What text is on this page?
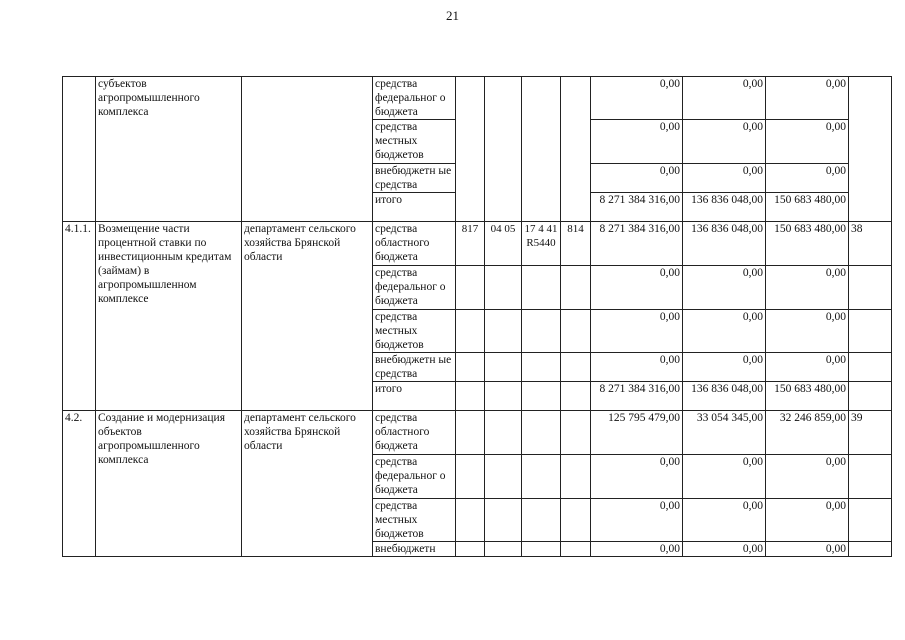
21
	субъектов агропромышленного комплекса		средства федеральног о бюджета					0,00	0,00	0,00	
			средства местных бюджетов					0,00	0,00	0,00	
			внебюджетн ые средства					0,00	0,00	0,00	
			итого					8 271 384 316,00	136 836 048,00	150 683 480,00	
4.1.1.	Возмещение части процентной ставки по инвестиционным кредитам (займам) в агропромышленном комплексе	департамент сельского хозяйства Брянской области	средства областного бюджета	817	04 05	17 4 41 R5440	814	8 271 384 316,00	136 836 048,00	150 683 480,00	38
			средства федеральног о бюджета					0,00	0,00	0,00	
			средства местных бюджетов					0,00	0,00	0,00	
			внебюджетн ые средства					0,00	0,00	0,00	
			итого					8 271 384 316,00	136 836 048,00	150 683 480,00	
4.2.	Создание и модернизация объектов агропромышленного комплекса	департамент сельского хозяйства Брянской области	средства областного бюджета					125 795 479,00	33 054 345,00	32 246 859,00	39
			средства федеральног о бюджета					0,00	0,00	0,00	
			средства местных бюджетов					0,00	0,00	0,00	
			внебюджетн					0,00	0,00	0,00	
